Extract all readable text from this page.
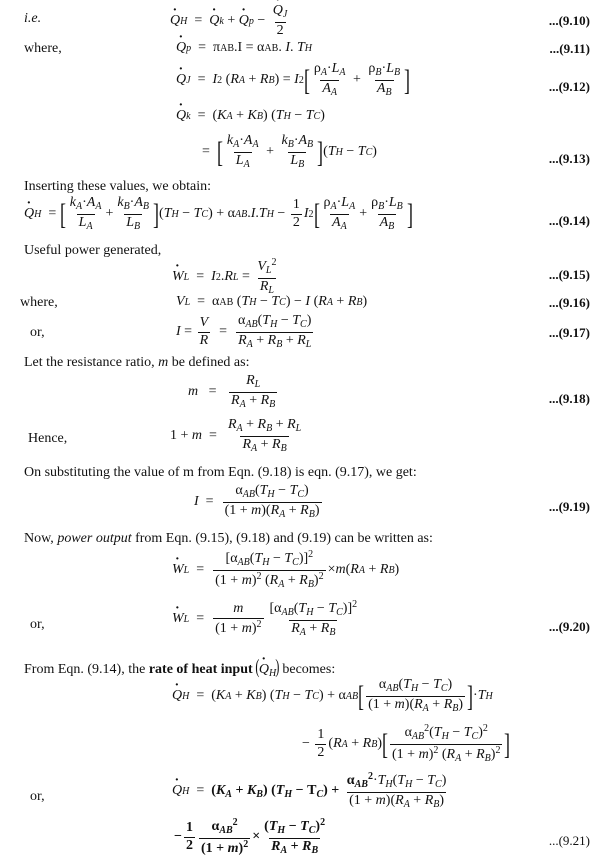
i.e.	· Q H = · Q k + · Q p − · $\frac{Q_J}{2}$	...(9.10)
where,	· Q p =  π AB .I = α AB . I . T H	...(9.11)
· Q J = I 2 ( R A + R B ) = I 2 [ $\frac{\rho_A\cdot L_A}{A_A} + \frac{\rho_B\cdot L_B}{A_B}$ ]	...(9.12)
· Q k =  ( K A + K B ) ( T H − T C )
= [ $\frac{k_A\cdot A_A}{L_A} + \frac{k_B\cdot A_B}{L_B}$ ] ( T H − T C )	...(9.13)
Inserting these values, we obtain:
· Q H = [ $\frac{k_A\cdot A_A}{L_A} + \frac{k_B\cdot A_B}{L_B}$ ] ( T H − T C ) + α AB . I . T $H - \frac{1}{2}$ I 2 [ $\frac{\rho_A\cdot L_A}{A_A} + \frac{\rho_B\cdot L_B}{A_B}$ ]	...(9.14)
Useful power generated,
· W L = I 2 . R $L = \frac{V_L^2}{R_L}$	...(9.15)
where,	V L =  α AB ( T H − T C ) − I ( R A + R B )	...(9.16)
or,	$I = \frac{V}{R} = \frac{\alpha_{AB}(T_H - T_C)}{R_A + R_B + R_L}$	...(9.17)
Let the resistance ratio, m be defined as:
$m = \frac{R_L}{R_A + R_B}$	...(9.18)
Hence,	$1 + m = \frac{R_A + R_B + R_L}{R_A + R_B}$
On substituting the value of m from Eqn. (9.18) is eqn. (9.17), we get:
$I = \frac{\alpha_{AB}(T_H - T_C)}{(1 + m)(R_A + R_B)}$	...(9.19)
Now, power output from Eqn. (9.15), (9.18) and (9.19) can be written as:
· W $L = \frac{[\alpha_{AB}(T_H - T_C)]^2}{(1 + m)^2 (R_A + R_B)^2} \times m$ ( R A + R B )
or,	· W $L = \frac{m}{(1 + m)^2} \frac{[\alpha_{AB}(T_H - T_C)]^2}{R_A + R_B}$	...(9.20)
From Eqn. (9.14), the rate of heat input (· $Q_H$) becomes:
· Q H =  ( K A + K B ) ( T H − T C ) + α AB [ $\frac{\alpha_{AB}(T_H - T_C)}{(1 + m)(R_A + R_B)}$ ] · T H
− $\frac{1}{2}$ ( R A + R B ) [ $\frac{\alpha_{AB}^2(T_H - T_C)^2}{(1 + m)^2 (R_A + R_B)^2}$ ]
or,	· Q $H = (K_A + K_B) (T_H - T_C)$ +
$\frac{\alpha_{AB}^2\cdot T_H(T_H - T_C)}{(1 + m)(R_A + R_B)}$
− $\frac{1}{2} \frac{\alpha_{AB}^2}{(1 + m)^2} \times \frac{(T_H - T_C)^2}{R_A + R_B}$	...(9.21)
